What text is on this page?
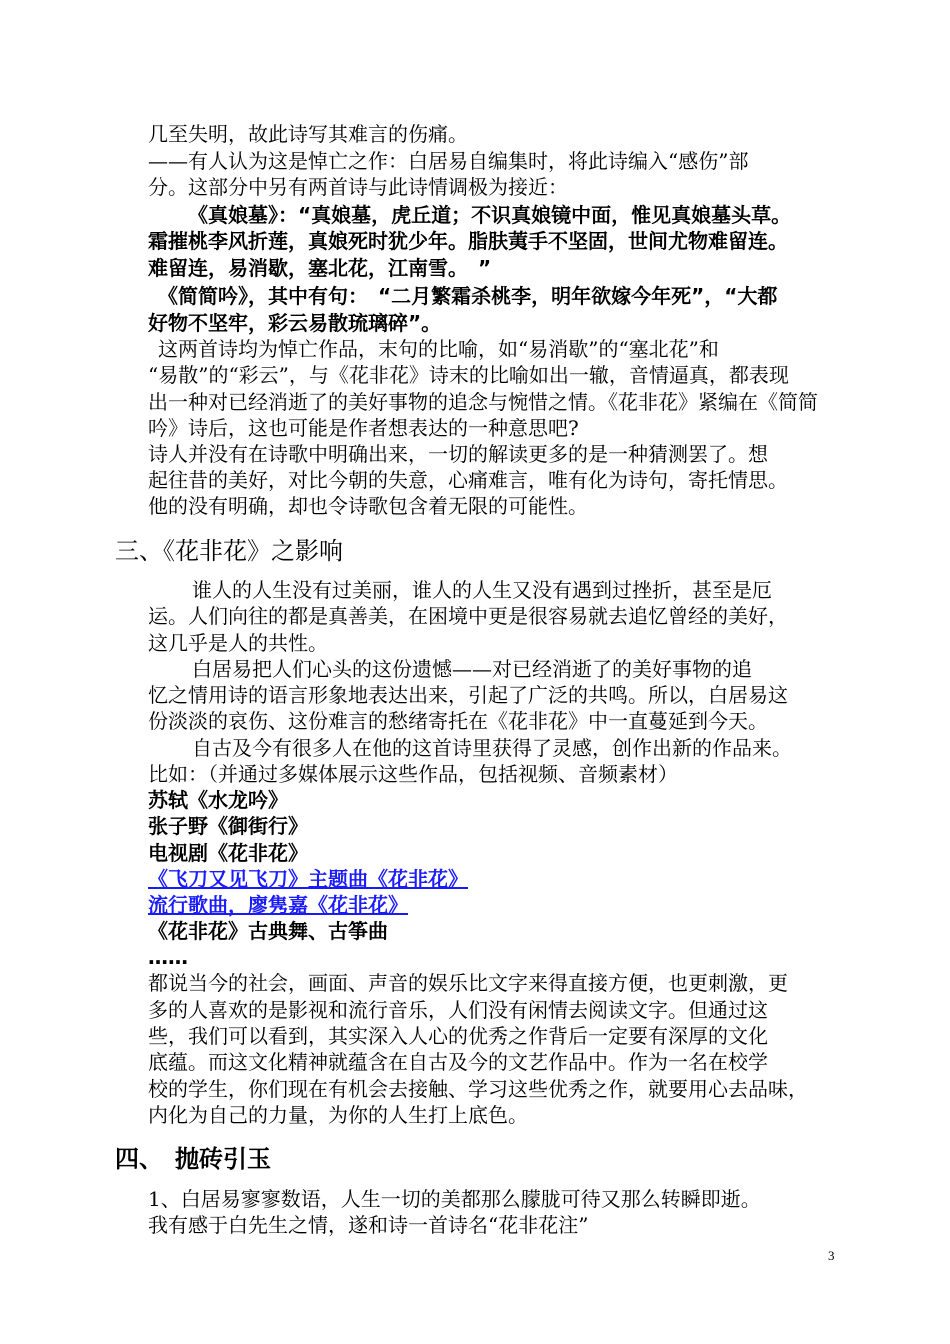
几至失明，故此诗写其难言的伤痛。
——有人认为这是悼亡之作：白居易自编集时，将此诗编入“感伤”部
分。这部分中另有两首诗与此诗情调极为接近：
《真娘墓》：“真娘墓，虎丘道；不识真娘镜中面，惟见真娘墓头草。
霜摧桃李风折莲，真娘死时犹少年。脂肤荑手不坚固，世间尤物难留连。
难留连，易消歇，塞北花，江南雪。　”
《简简吟》，其中有句：　“二月繁霜杀桃李，明年欲嫁今年死”，“大都
好物不坚牢，彩云易散琉璃碎”。
这两首诗均为悼亡作品，末句的比喻，如“易消歇”的“塞北花”和
“易散”的“彩云”，与《花非花》诗末的比喻如出一辙，音情逼真，都表现
出一种对已经消逝了的美好事物的追念与惋惜之情。《花非花》紧编在《简简
吟》诗后，这也可能是作者想表达的一种意思吧?
诗人并没有在诗歌中明确出来，一切的解读更多的是一种猜测罢了。想
起往昔的美好，对比今朝的失意，心痛难言，唯有化为诗句，寄托情思。
他的没有明确，却也令诗歌包含着无限的可能性。
三、《花非花》之影响
谁人的人生没有过美丽，谁人的人生又没有遇到过挫折，甚至是厄
运。人们向往的都是真善美，在困境中更是很容易就去追忆曾经的美好，
这几乎是人的共性。
白居易把人们心头的这份遗憾——对已经消逝了的美好事物的追
忆之情用诗的语言形象地表达出来，引起了广泛的共鸣。所以，白居易这
份淡淡的哀伤、这份难言的愁绪寄托在《花非花》中一直蔓延到今天。
自古及今有很多人在他的这首诗里获得了灵感，创作出新的作品来。
比如：（并通过多媒体展示这些作品，包括视频、音频素材）
苏轼《水龙吟》
张子野《御街行》
电视剧《花非花》
《飞刀又见飞刀》主题曲《花非花》
流行歌曲，廖隽嘉《花非花》
《花非花》古典舞、古筝曲
……
都说当今的社会，画面、声音的娱乐比文字来得直接方便，也更刺激，更
多的人喜欢的是影视和流行音乐，人们没有闲情去阅读文字。但通过这
些，我们可以看到，其实深入人心的优秀之作背后一定要有深厚的文化
底蕴。而这文化精神就蕴含在自古及今的文艺作品中。作为一名在校学
校的学生，你们现在有机会去接触、学习这些优秀之作，就要用心去品味，
内化为自己的力量，为你的人生打上底色。
四、　抛砖引玉
1、白居易寥寥数语，人生一切的美都那么朦胧可待又那么转瞬即逝。
我有感于白先生之情，遂和诗一首诗名“花非花注”
3
